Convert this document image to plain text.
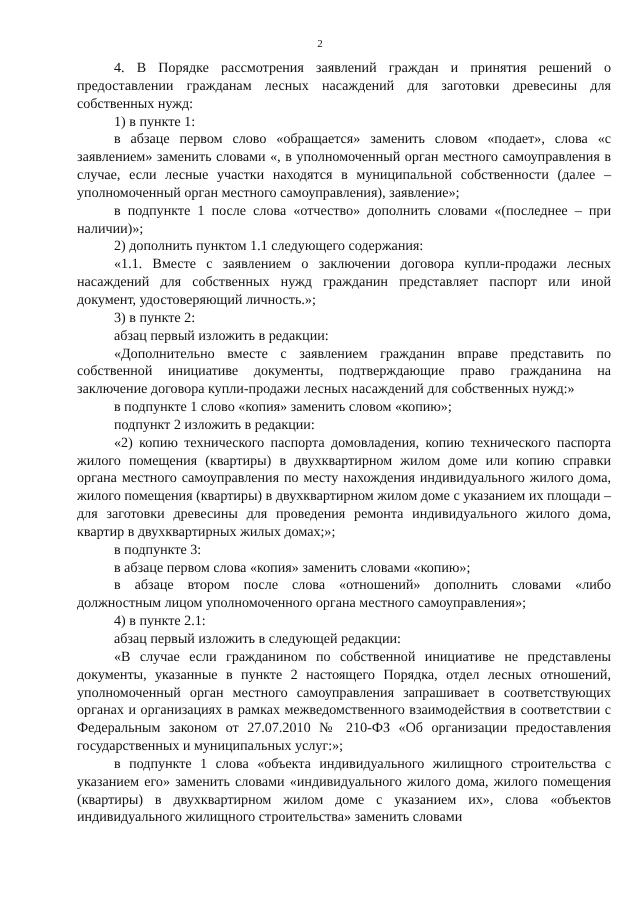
2

4. В Порядке рассмотрения заявлений граждан и принятия решений о предоставлении гражданам лесных насаждений для заготовки древесины для собственных нужд:

1) в пункте 1:

в абзаце первом слово «обращается» заменить словом «подает», слова «с заявлением» заменить словами «, в уполномоченный орган местного самоуправления в случае, если лесные участки находятся в муниципальной собственности (далее – уполномоченный орган местного самоуправления), заявление»;

в подпункте 1 после слова «отчество» дополнить словами «(последнее – при наличии)»;

2) дополнить пунктом 1.1 следующего содержания:

«1.1. Вместе с заявлением о заключении договора купли-продажи лесных насаждений для собственных нужд гражданин представляет паспорт или иной документ, удостоверяющий личность.»;

3) в пункте 2:

абзац первый изложить в редакции:

«Дополнительно вместе с заявлением гражданин вправе представить по собственной инициативе документы, подтверждающие право гражданина на заключение договора купли-продажи лесных насаждений для собственных нужд:»

в подпункте 1 слово «копия» заменить словом «копию»;

подпункт 2 изложить в редакции:

«2) копию технического паспорта домовладения, копию технического паспорта жилого помещения (квартиры) в двухквартирном жилом доме или копию справки органа местного самоуправления по месту нахождения индивидуального жилого дома, жилого помещения (квартиры) в двухквартирном жилом доме с указанием их площади – для заготовки древесины для проведения ремонта индивидуального жилого дома, квартир в двухквартирных жилых домах;»;

в подпункте 3:

в абзаце первом слова «копия» заменить словами «копию»;

в абзаце втором после слова «отношений» дополнить словами «либо должностным лицом уполномоченного органа местного самоуправления»;

4) в пункте 2.1:

абзац первый изложить в следующей редакции:

«В случае если гражданином по собственной инициативе не представлены документы, указанные в пункте 2 настоящего Порядка, отдел лесных отношений, уполномоченный орган местного самоуправления запрашивает в соответствующих органах и организациях в рамках межведомственного взаимодействия в соответствии с Федеральным законом от 27.07.2010 № 210-ФЗ «Об организации предоставления государственных и муниципальных услуг:»;

в подпункте 1 слова «объекта индивидуального жилищного строительства с указанием его» заменить словами «индивидуального жилого дома, жилого помещения (квартиры) в двухквартирном жилом доме с указанием их», слова «объектов индивидуального жилищного строительства» заменить словами
